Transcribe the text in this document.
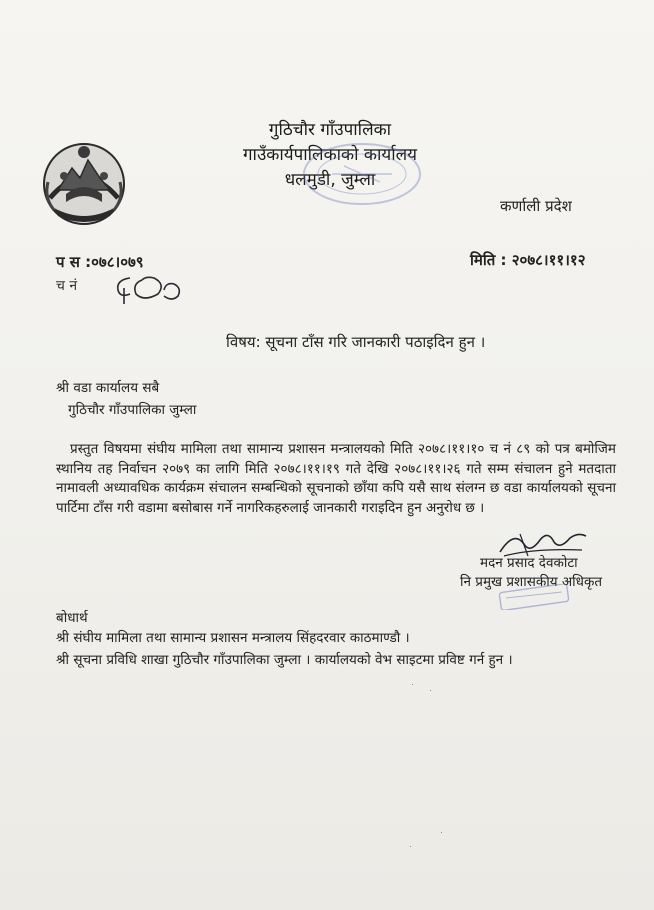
गुठिचौर गाँउपालिका
गाउँकार्यपालिकाको कार्यालय
धलमुडी, जुम्ला
कर्णाली प्रदेश
प स :०७८।०७९
च नं
मिति : २०७८।११।१२
विषय: सूचना टाँस गरि जानकारी पठाइदिन हुन ।
श्री वडा कार्यालय सबै
गुठिचौर गाँउपालिका जुम्ला
प्रस्तुत विषयमा संघीय मामिला तथा सामान्य प्रशासन मन्त्रालयको मिति २०७८।११।१० च नं ८९ को पत्र बमोजिम स्थानिय तह निर्वाचन २०७९ का लागि मिति २०७८।११।१९ गते देखि २०७८।११।२६ गते सम्म संचालन हुने मतदाता नामावली अध्यावधिक कार्यक्रम संचालन सम्बन्धिको सूचनाको छाँया कपि यसै साथ संलग्न छ वडा कार्यालयको सूचना पार्टिमा टाँस गरी वडामा बसोबास गर्ने नागरिकहरुलाई जानकारी गराइदिन हुन अनुरोध छ ।
मदन प्रसाद देवकोटा
नि प्रमुख प्रशासकीय अधिकृत
बोधार्थ
श्री संघीय मामिला तथा सामान्य प्रशासन मन्त्रालय सिंहदरवार काठमाण्डौ ।
श्री सूचना प्रविधि शाखा गुठिचौर गाँउपालिका जुम्ला । कार्यालयको वेभ साइटमा प्रविष्ट गर्न हुन ।
